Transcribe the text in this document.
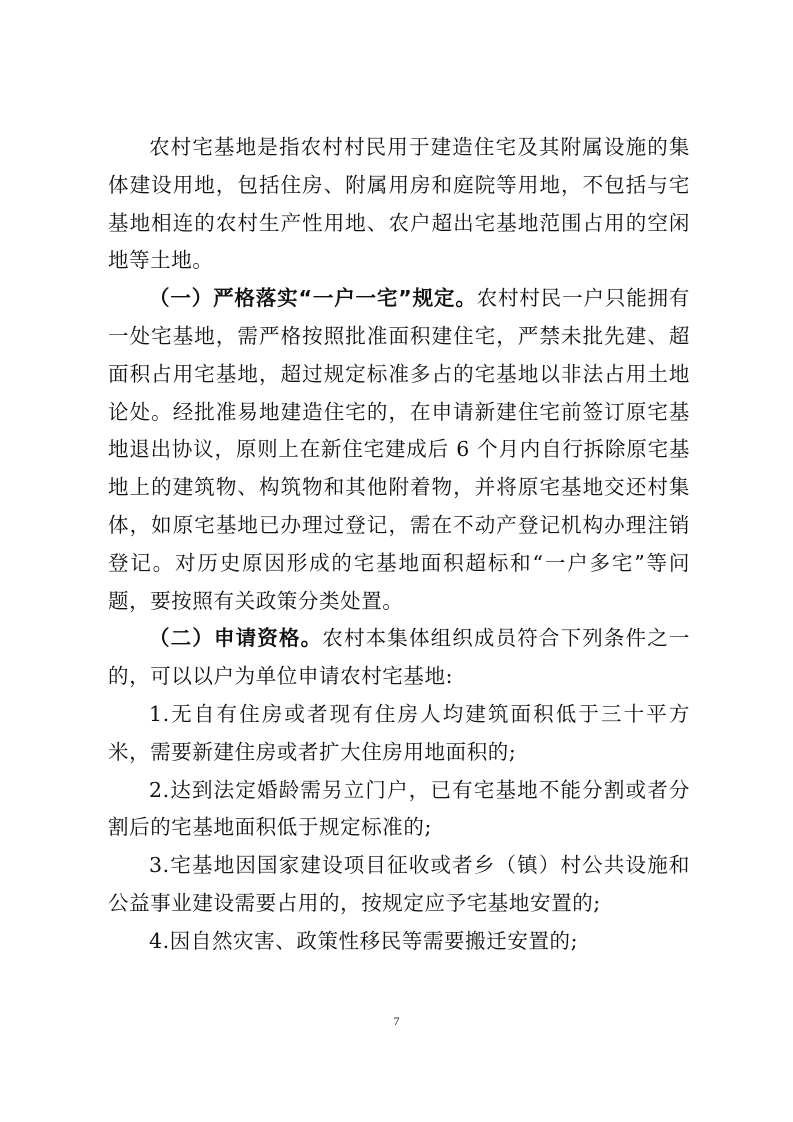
农村宅基地是指农村村民用于建造住宅及其附属设施的集体建设用地，包括住房、附属用房和庭院等用地，不包括与宅基地相连的农村生产性用地、农户超出宅基地范围占用的空闲地等土地。

（一）严格落实“一户一宅”规定。农村村民一户只能拥有一处宅基地，需严格按照批准面积建住宅，严禁未批先建、超面积占用宅基地，超过规定标准多占的宅基地以非法占用土地论处。经批准易地建造住宅的，在申请新建住宅前签订原宅基地退出协议，原则上在新住宅建成后 6 个月内自行拆除原宅基地上的建筑物、构筑物和其他附着物，并将原宅基地交还村集体，如原宅基地已办理过登记，需在不动产登记机构办理注销登记。对历史原因形成的宅基地面积超标和“一户多宅”等问题，要按照有关政策分类处置。

（二）申请资格。农村本集体组织成员符合下列条件之一的，可以以户为单位申请农村宅基地:

1.无自有住房或者现有住房人均建筑面积低于三十平方米，需要新建住房或者扩大住房用地面积的;

2.达到法定婚龄需另立门户，已有宅基地不能分割或者分割后的宅基地面积低于规定标准的;

3.宅基地因国家建设项目征收或者乡（镇）村公共设施和公益事业建设需要占用的，按规定应予宅基地安置的;

4.因自然灾害、政策性移民等需要搬迁安置的;

7
